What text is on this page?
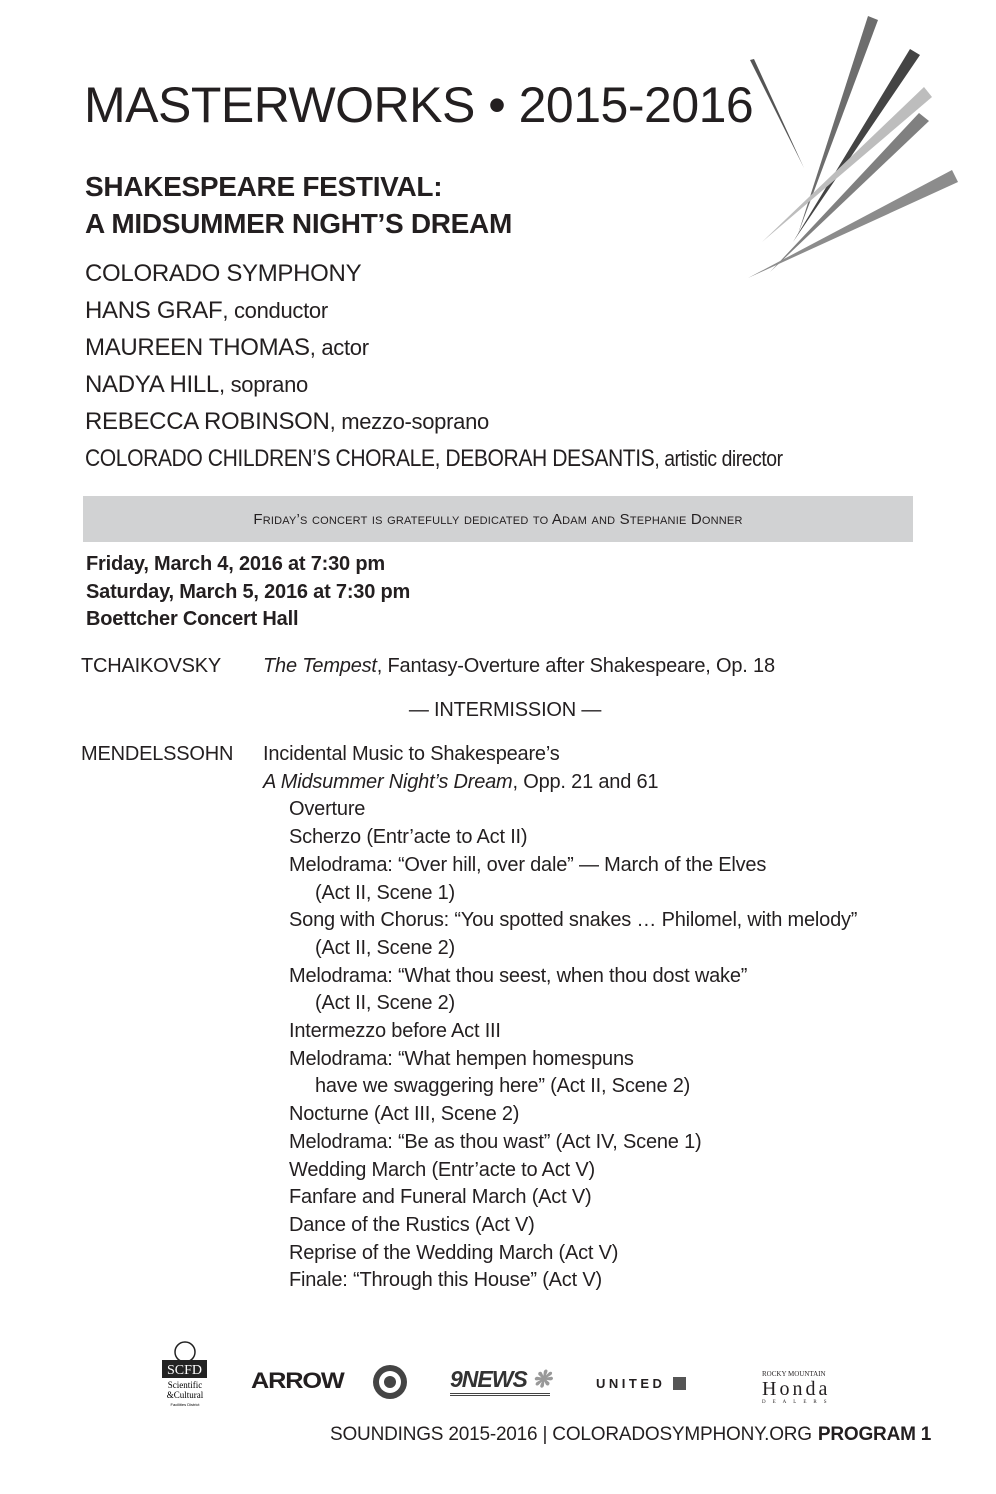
MASTERWORKS • 2015-2016
SHAKESPEARE FESTIVAL:
A MIDSUMMER NIGHT’S DREAM
COLORADO SYMPHONY
HANS GRAF, conductor
MAUREEN THOMAS, actor
NADYA HILL, soprano
REBECCA ROBINSON, mezzo-soprano
COLORADO CHILDREN’S CHORALE, DEBORAH DESANTIS, artistic director
Friday’s concert is gratefully dedicated to Adam and Stephanie Donner
Friday, March 4, 2016 at 7:30 pm
Saturday, March 5, 2016 at 7:30 pm
Boettcher Concert Hall
TCHAIKOVSKY The Tempest, Fantasy-Overture after Shakespeare, Op. 18
— INTERMISSION —
MENDELSSOHN Incidental Music to Shakespeare’s
A Midsummer Night’s Dream, Opp. 21 and 61
Overture
Scherzo (Entr’acte to Act II)
Melodrama: “Over hill, over dale” — March of the Elves
(Act II, Scene 1)
Song with Chorus: “You spotted snakes … Philomel, with melody”
(Act II, Scene 2)
Melodrama: “What thou seest, when thou dost wake”
(Act II, Scene 2)
Intermezzo before Act III
Melodrama: “What hempen homespuns
have we swaggering here” (Act II, Scene 2)
Nocturne (Act III, Scene 2)
Melodrama: “Be as thou wast” (Act IV, Scene 1)
Wedding March (Entr’acte to Act V)
Fanfare and Funeral March (Act V)
Dance of the Rustics (Act V)
Reprise of the Wedding March (Act V)
Finale: “Through this House” (Act V)
SCFD
Scientific
&Cultural
Facilities District
ARROW	9NEWS ❋	UNITED
ROCKY MOUNTAIN
Honda
DEALERS
SOUNDINGS 2015-2016 | COLORADOSYMPHONY.ORG PROGRAM 1
